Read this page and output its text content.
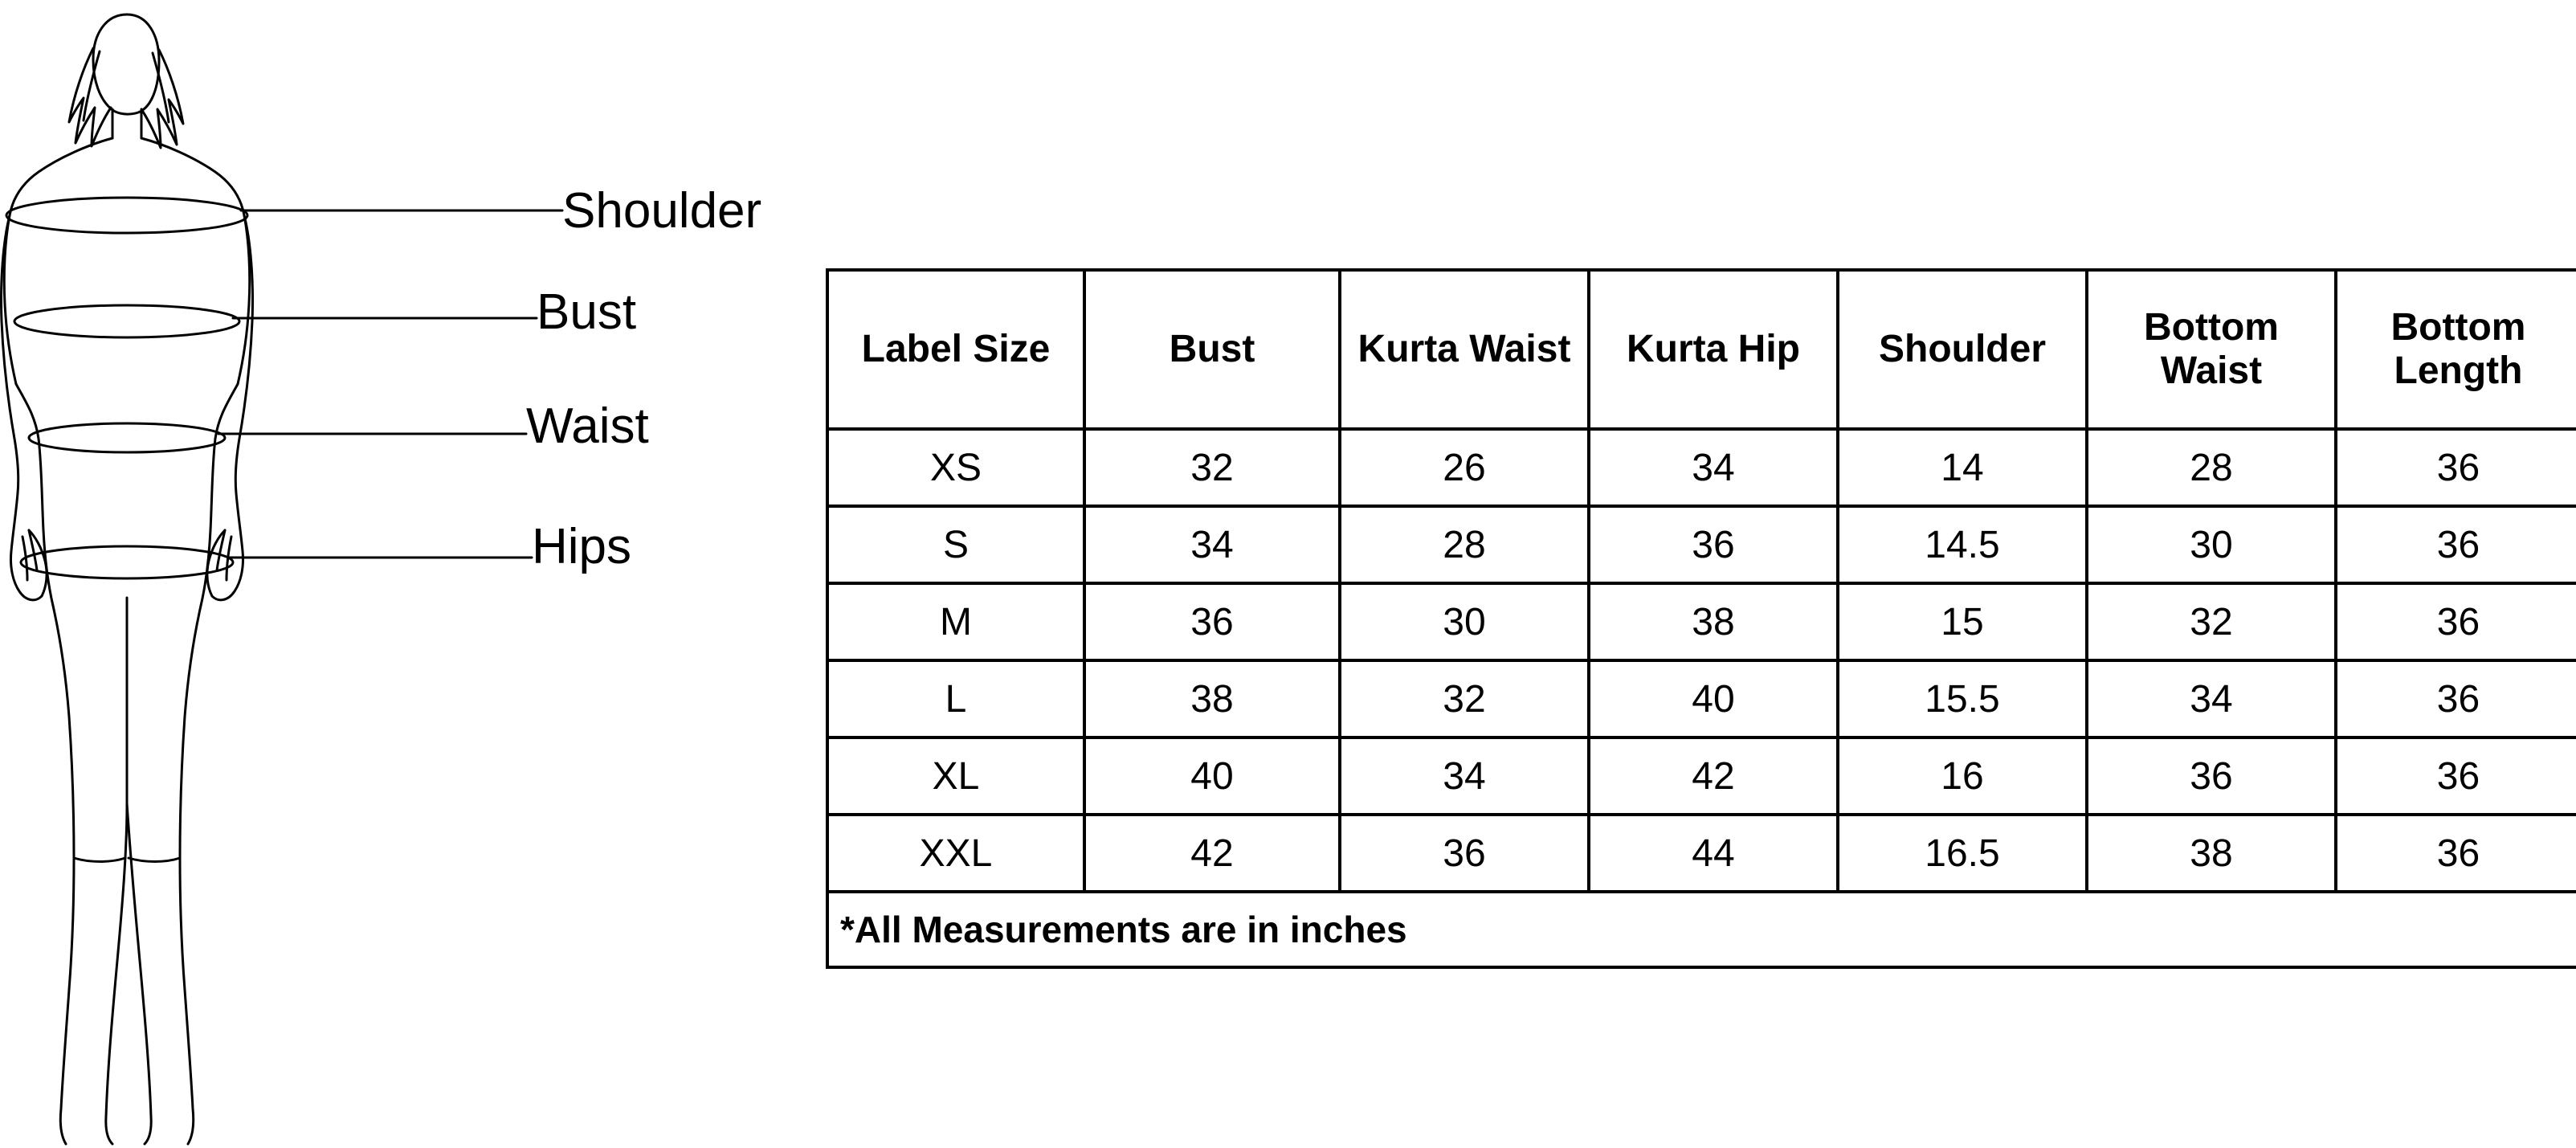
Shoulder
Bust
Waist
Hips
Label Size	Bust	Kurta Waist	Kurta Hip	Shoulder	Bottom Waist	Bottom Length
XS	32	26	34	14	28	36
S	34	28	36	14.5	30	36
M	36	30	38	15	32	36
L	38	32	40	15.5	34	36
XL	40	34	42	16	36	36
XXL	42	36	44	16.5	38	36
*All Measurements are in inches						
